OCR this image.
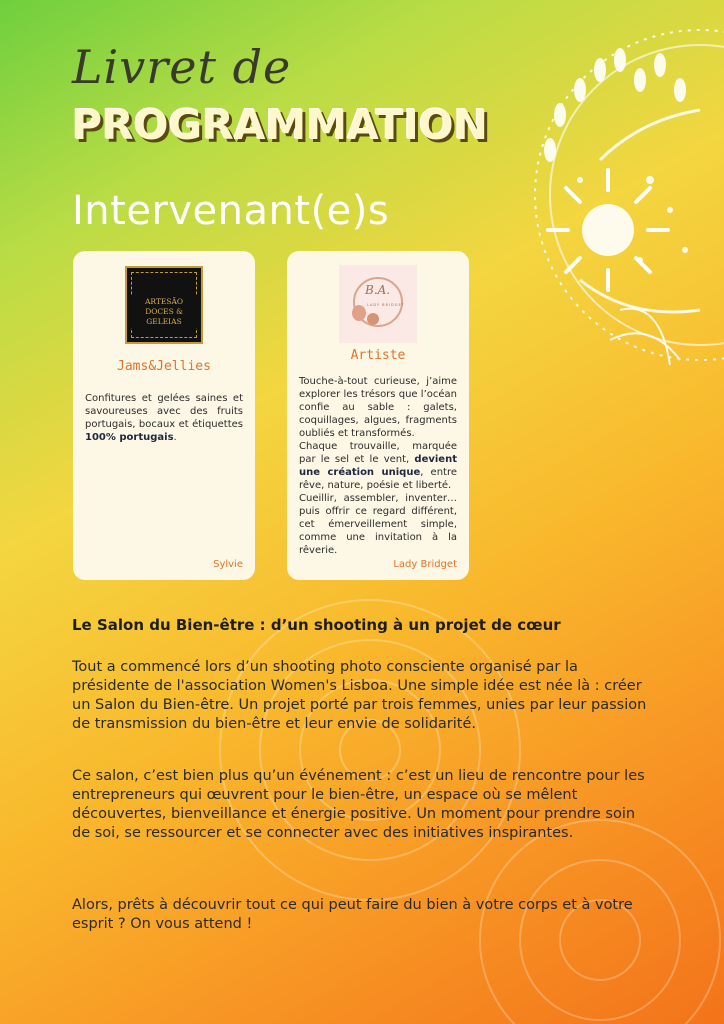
Livret de
PROGRAMMATION
Intervenant(e)s
ARTESÃO
DOCES & GELEIAS
Jams&Jellies
Confitures et gelées saines et savoureuses avec des fruits portugais, bocaux et étiquettes 100% portugais.
Sylvie
B.A.
LADY BRIDGET
Artiste

Touche-à-tout curieuse, j’aime explorer les trésors que l’océan confie au sable : galets, coquillages, algues, fragments oubliés et transformés.

Chaque trouvaille, marquée par le sel et le vent, devient une création unique, entre rêve, nature, poésie et liberté.

Cueillir, assembler, inventer… puis offrir ce regard différent, cet émerveillement simple, comme une invitation à la rêverie.

Lady Bridget
Le Salon du Bien-être : d’un shooting à un projet de cœur
Tout a commencé lors d’un shooting photo consciente organisé par la présidente de l'association Women's Lisboa. Une simple idée est née là : créer un Salon du Bien-être. Un projet porté par trois femmes, unies par leur passion de transmission du bien-être et leur envie de solidarité.
Ce salon, c’est bien plus qu’un événement : c’est un lieu de rencontre pour les entrepreneurs qui œuvrent pour le bien-être, un espace où se mêlent découvertes, bienveillance et énergie positive. Un moment pour prendre soin de soi, se ressourcer et se connecter avec des initiatives inspirantes.
Alors, prêts à découvrir tout ce qui peut faire du bien à votre corps et à votre esprit ? On vous attend !
